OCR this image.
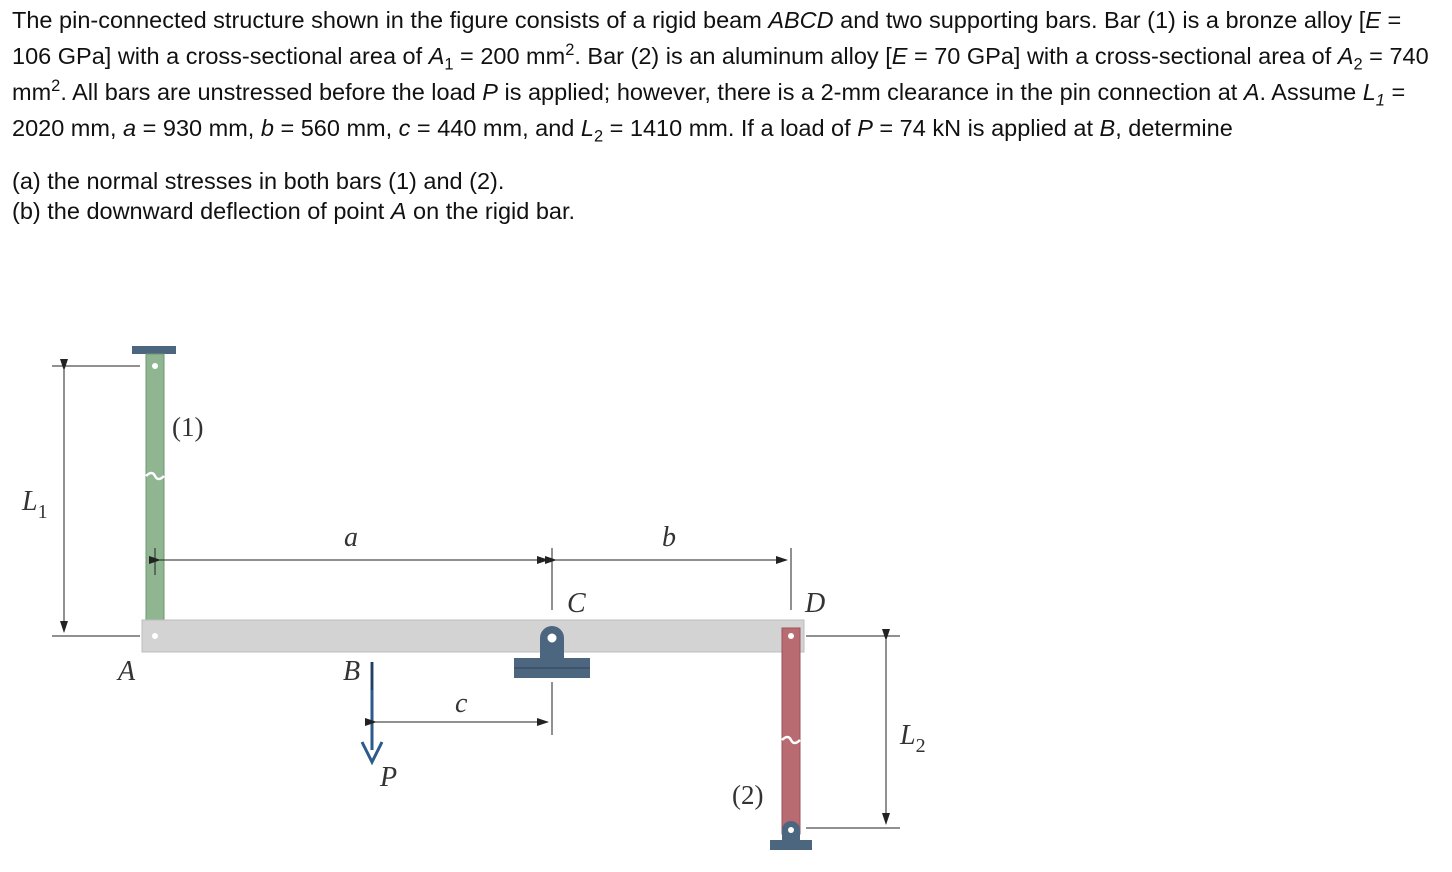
The pin-connected structure shown in the figure consists of a rigid beam ABCD and two supporting bars. Bar (1) is a bronze alloy [E = 106 GPa] with a cross-sectional area of $A_1 = 200$ $mm^2$. Bar (2) is an aluminum alloy [E = 70 GPa] with a cross-sectional area of $A_2 = 740$ $mm^2$. All bars are unstressed before the load P is applied; however, there is a 2-mm clearance in the pin connection at A. Assume $L_1 = 2020$ mm, a = 930 mm, b = 560 mm, c = 440 mm, and $L_2 = 1410$ mm. If a load of P = 74 kN is applied at B, determine

(a) the normal stresses in both bars (1) and (2).

(b) the downward deflection of point A on the rigid bar.

(1)
(2)
$L_1$
$L_2$
a	b
c
A	B
C	D
P
